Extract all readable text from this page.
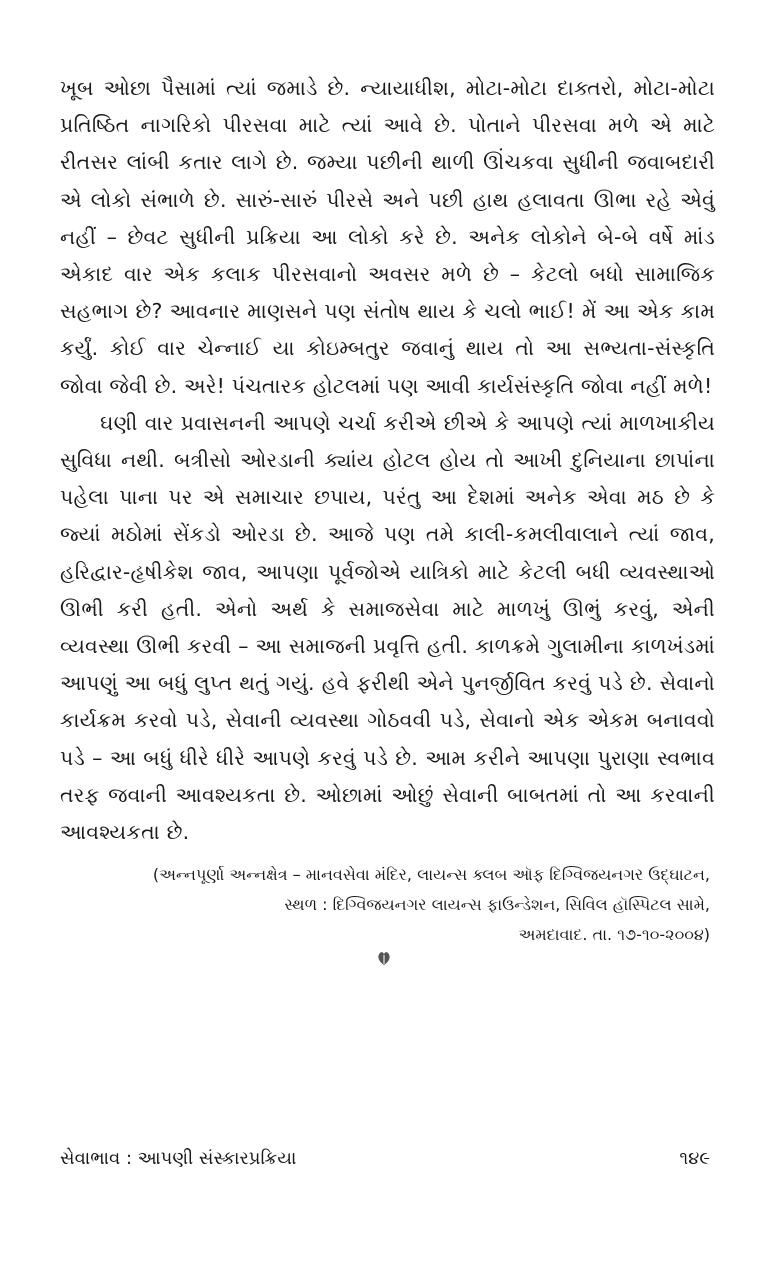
ખૂબ ઓછા પૈસામાં ત્યાં જમાડે છે. ન્યાયાધીશ, મોટા-મોટા દાક્તરો, મોટા-મોટા પ્રતિષ્ઠિત નાગરિકો પીરસવા માટે ત્યાં આવે છે. પોતાને પીરસવા મળે એ માટે રીતસર લાંબી કતાર લાગે છે. જમ્યા પછીની થાળી ઊંચકવા સુધીની જવાબદારી એ લોકો સંભાળે છે. સારું-સારું પીરસે અને પછી હાથ હલાવતા ઊભા રહે એવું નહીં – છેવટ સુધીની પ્રક્રિયા આ લોકો કરે છે. અનેક લોકોને બે-બે વર્ષે માંડ એકાદ વાર એક કલાક પીરસવાનો અવસર મળે છે – કેટલો બધો સામાજિક સહભાગ છે? આવનાર માણસને પણ સંતોષ થાય કે ચલો ભાઈ! મેં આ એક કામ કર્યું. કોઈ વાર ચેન્નાઈ યા કોઇમ્બતુર જવાનું થાય તો આ સભ્યતા-સંસ્કૃતિ જોવા જેવી છે. અરે! પંચતારક હોટલમાં પણ આવી કાર્યસંસ્કૃતિ જોવા નહીં મળે!

ઘણી વાર પ્રવાસનની આપણે ચર્ચા કરીએ છીએ કે આપણે ત્યાં માળખાકીય સુવિધા નથી. બત્રીસો ઓરડાની ક્યાંય હોટલ હોય તો આખી દુનિયાના છાપાંના પહેલા પાના પર એ સમાચાર છપાય, પરંતુ આ દેશમાં અનેક એવા મઠ છે કે જ્યાં મઠોમાં સેંકડો ઓરડા છે. આજે પણ તમે કાલી-કમલીવાલાને ત્યાં જાવ, હરિદ્વાર-હૃષીકેશ જાવ, આપણા પૂર્વજોએ યાત્રિકો માટે કેટલી બધી વ્યવસ્થાઓ ઊભી કરી હતી. એનો અર્થ કે સમાજસેવા માટે માળખું ઊભું કરવું, એની વ્યવસ્થા ઊભી કરવી – આ સમાજની પ્રવૃત્તિ હતી. કાળક્રમે ગુલામીના કાળખંડમાં આપણું આ બધું લુપ્ત થતું ગયું. હવે ફરીથી એને પુનર્જીવિત કરવું પડે છે. સેવાનો કાર્યક્રમ કરવો પડે, સેવાની વ્યવસ્થા ગોઠવવી પડે, સેવાનો એક એકમ બનાવવો પડે – આ બધું ધીરે ધીરે આપણે કરવું પડે છે. આમ કરીને આપણા પુરાણા સ્વભાવ તરફ જવાની આવશ્યકતા છે. ઓછામાં ઓછું સેવાની બાબતમાં તો આ કરવાની આવશ્યકતા છે.

(અન્નપૂર્ણા અન્નક્ષેત્ર – માનવસેવા મંદિર, લાયન્સ ક્લબ ઑફ દિગ્વિજયનગર ઉદ્‌ઘાટન,
સ્થળ : દિગ્વિજયનગર લાયન્સ ફાઉન્ડેશન, સિવિલ હૉસ્પિટલ સામે,
અમદાવાદ. તા. ૧૭-૧૦-૨૦૦૪)
સેવાભાવ : આપણી સંસ્કારપ્રક્રિયા	૧૪૯
